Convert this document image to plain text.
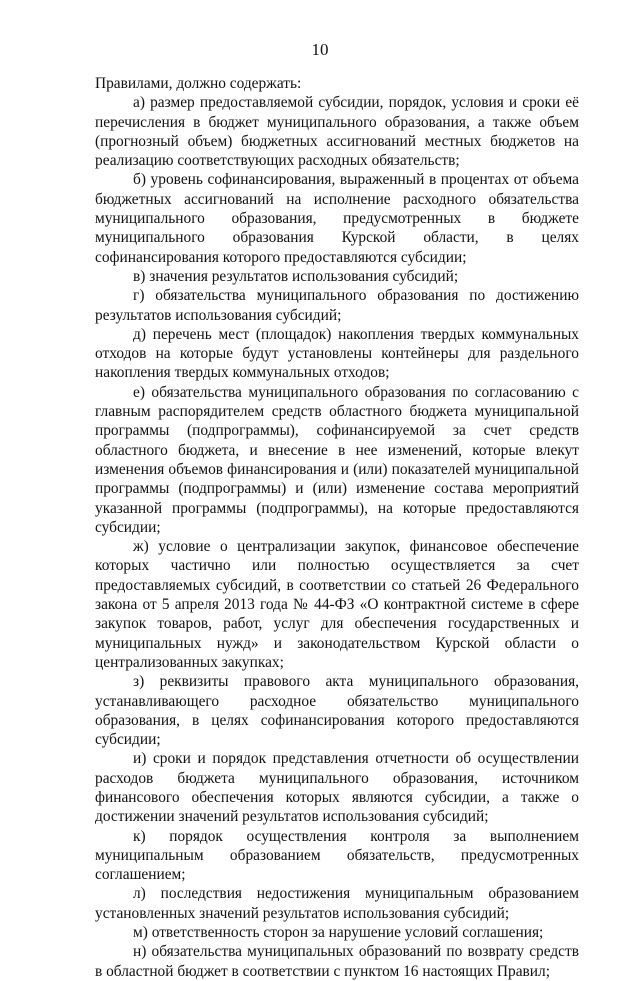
10

Правилами, должно содержать:

а) размер предоставляемой субсидии, порядок, условия и сроки её перечисления в бюджет муниципального образования, а также объем (прогнозный объем) бюджетных ассигнований местных бюджетов на реализацию соответствующих расходных обязательств;

б) уровень софинансирования, выраженный в процентах от объема бюджетных ассигнований на исполнение расходного обязательства муниципального образования, предусмотренных в бюджете муниципального образования Курской области, в целях софинансирования которого предоставляются субсидии;

в) значения результатов использования субсидий;

г) обязательства муниципального образования по достижению результатов использования субсидий;

д) перечень мест (площадок) накопления твердых коммунальных отходов на которые будут установлены контейнеры для раздельного накопления твердых коммунальных отходов;

е) обязательства муниципального образования по согласованию с главным распорядителем средств областного бюджета муниципальной программы (подпрограммы), софинансируемой за счет средств областного бюджета, и внесение в нее изменений, которые влекут изменения объемов финансирования и (или) показателей муниципальной программы (подпрограммы) и (или) изменение состава мероприятий указанной программы (подпрограммы), на которые предоставляются субсидии;

ж) условие о централизации закупок, финансовое обеспечение которых частично или полностью осуществляется за счет предоставляемых субсидий, в соответствии со статьей 26 Федерального закона от 5 апреля 2013 года № 44-ФЗ «О контрактной системе в сфере закупок товаров, работ, услуг для обеспечения государственных и муниципальных нужд» и законодательством Курской области о централизованных закупках;

з) реквизиты правового акта муниципального образования, устанавливающего расходное обязательство муниципального образования, в целях софинансирования которого предоставляются субсидии;

и) сроки и порядок представления отчетности об осуществлении расходов бюджета муниципального образования, источником финансового обеспечения которых являются субсидии, а также о достижении значений результатов использования субсидий;

к) порядок осуществления контроля за выполнением муниципальным образованием обязательств, предусмотренных соглашением;

л) последствия недостижения муниципальным образованием установленных значений результатов использования субсидий;

м) ответственность сторон за нарушение условий соглашения;

н) обязательства муниципальных образований по возврату средств в областной бюджет в соответствии с пунктом 16 настоящих Правил;
